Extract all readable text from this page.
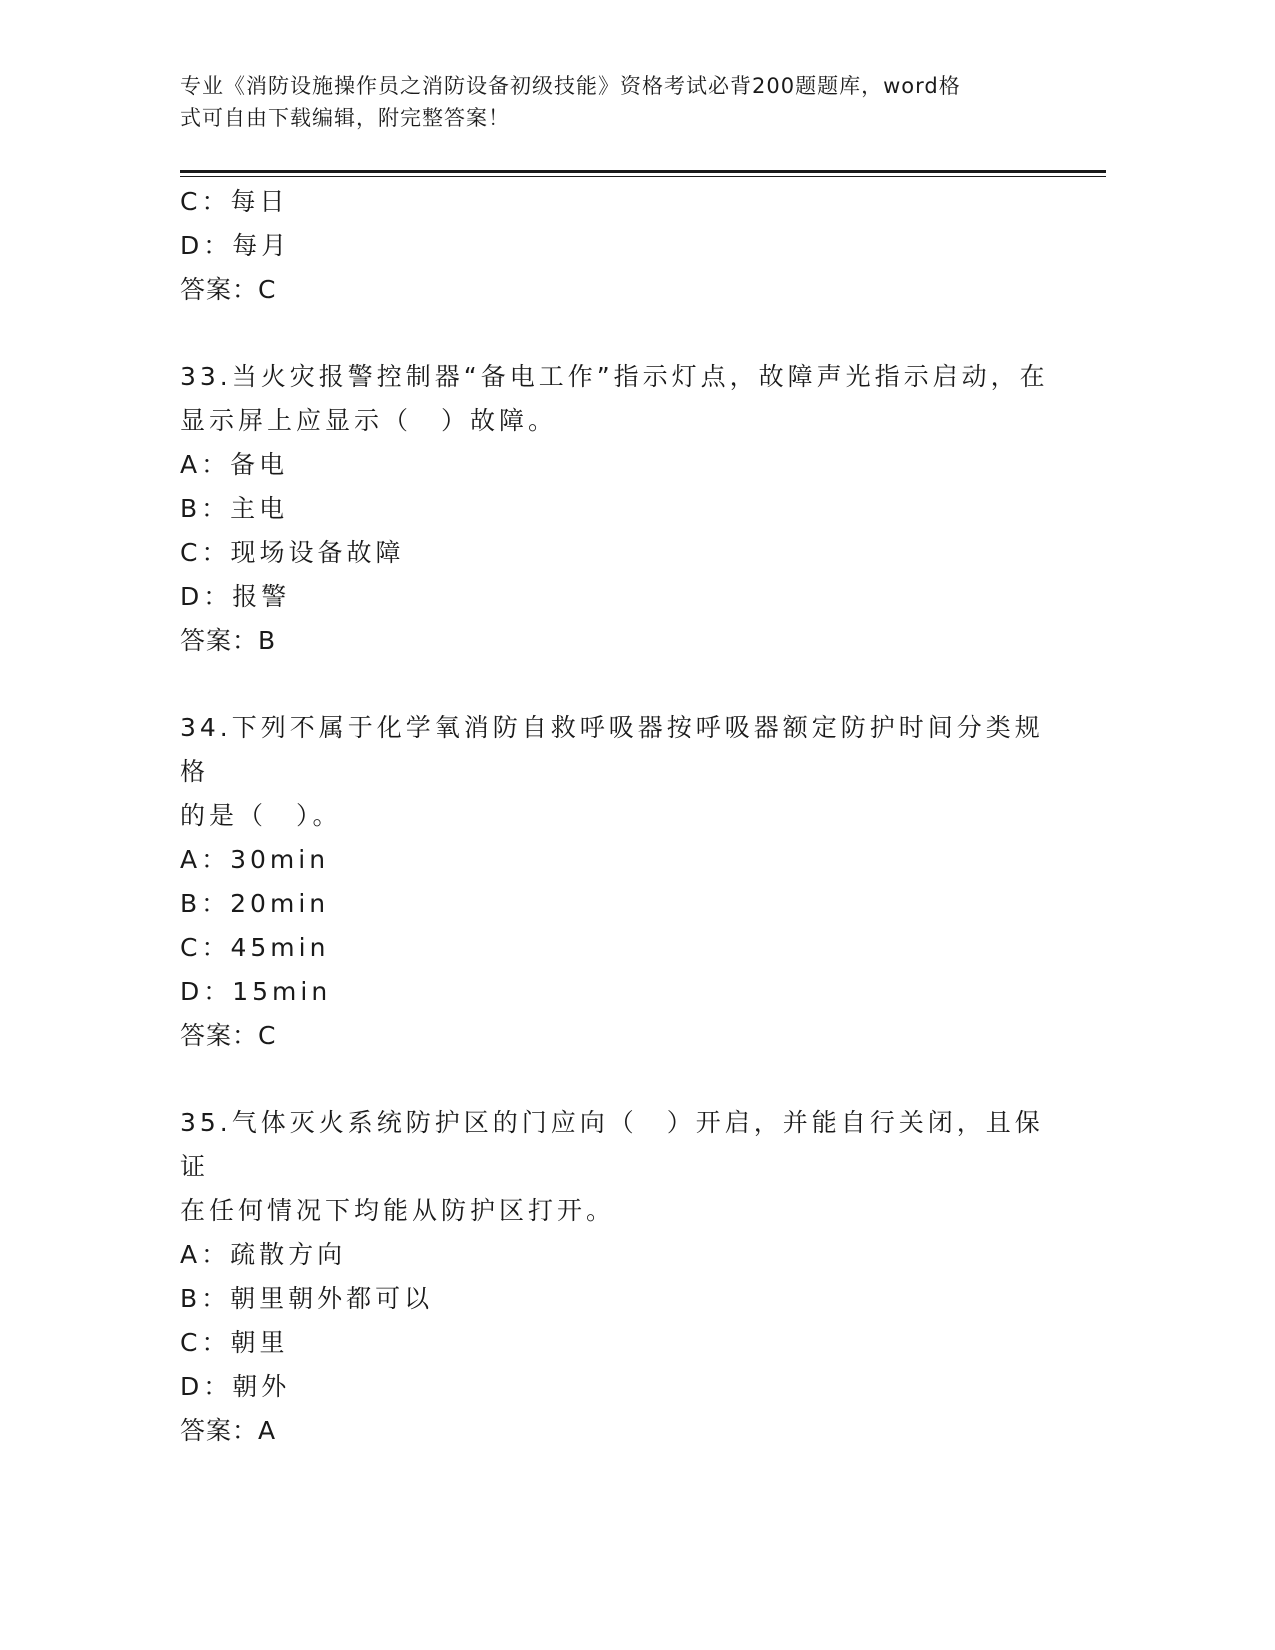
专业《消防设施操作员之消防设备初级技能》资格考试必背200题题库，word格
式可自由下载编辑，附完整答案！
C：每日
D：每月
答案：C
33.当火灾报警控制器“备电工作”指示灯点，故障声光指示启动，在
显示屏上应显示（　）故障。
A：备电
B：主电
C：现场设备故障
D：报警
答案：B
34.下列不属于化学氧消防自救呼吸器按呼吸器额定防护时间分类规格
的是（　）。
A：30min
B：20min
C：45min
D：15min
答案：C
35.气体灭火系统防护区的门应向（　）开启，并能自行关闭，且保证
在任何情况下均能从防护区打开。
A：疏散方向
B：朝里朝外都可以
C：朝里
D：朝外
答案：A
